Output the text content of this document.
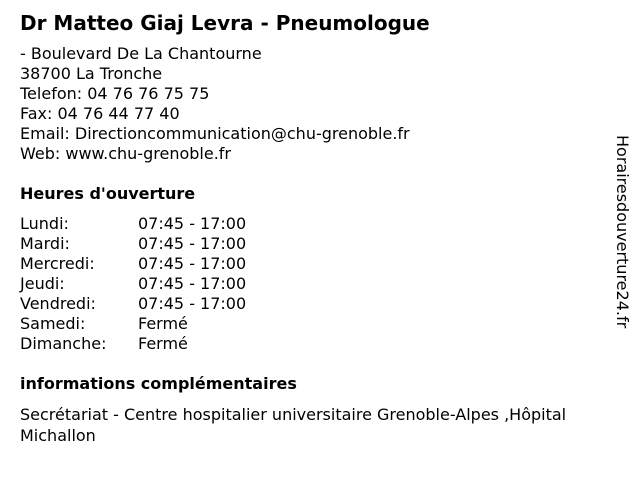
Dr Matteo Giaj Levra - Pneumologue
- Boulevard De La Chantourne
38700 La Tronche
Telefon: 04 76 76 75 75
Fax: 04 76 44 77 40
Email: Directioncommunication@chu-grenoble.fr
Web: www.chu-grenoble.fr
Heures d'ouverture
Lundi:	07:45 - 17:00
Mardi:	07:45 - 17:00
Mercredi:	07:45 - 17:00
Jeudi:	07:45 - 17:00
Vendredi:	07:45 - 17:00
Samedi:	Fermé
Dimanche: Fermé
informations complémentaires
Secrétariat - Centre hospitalier universitaire Grenoble-Alpes ,Hôpital Michallon
Horairesdouverture24.fr
